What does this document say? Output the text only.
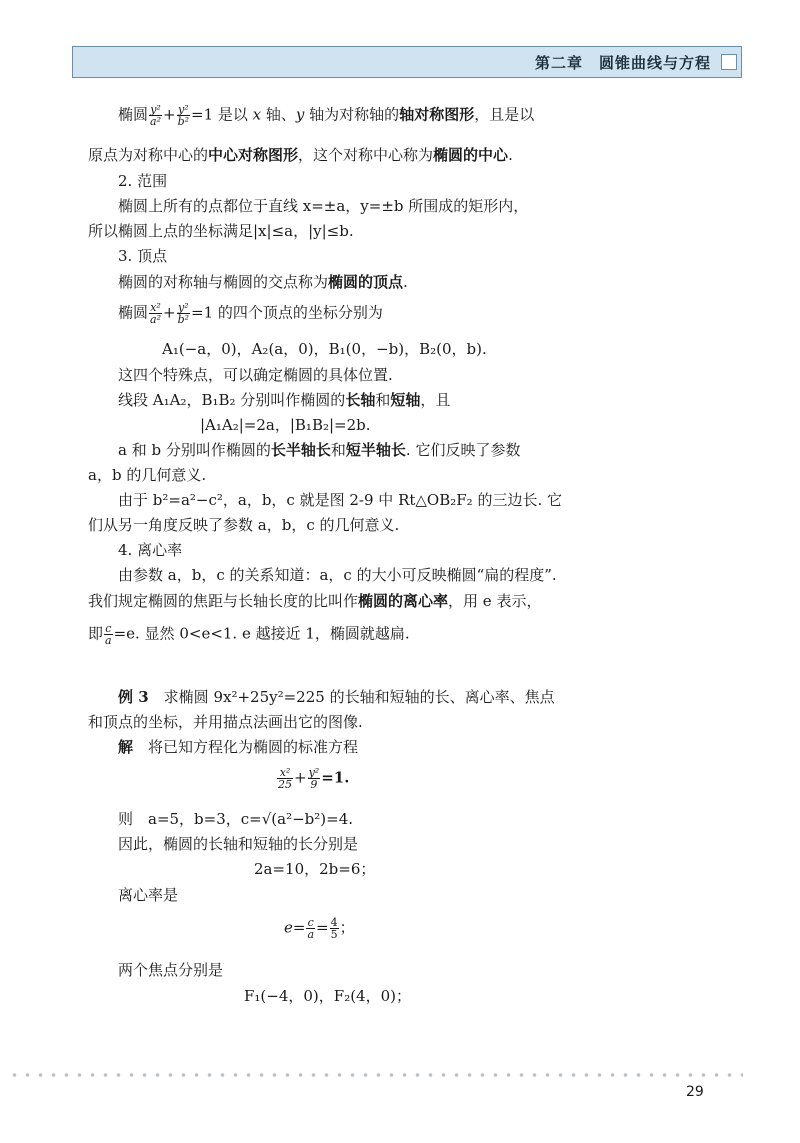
第二章　圆锥曲线与方程
椭圆 $\frac{\text{y²}}{\text{a²}} + \frac{\text{y²}}{\text{b²}} =1$ 是以 x 轴、y 轴为对称轴的轴对称图形，且是以
原点为对称中心的中心对称图形，这个对称中心称为椭圆的中心.
2. 范围
椭圆上所有的点都位于直线 x=±a，y=±b 所围成的矩形内，
所以椭圆上点的坐标满足|x|≤a，|y|≤b.
3. 顶点
椭圆的对称轴与椭圆的交点称为椭圆的顶点.
椭圆 $\frac{\text{x²}}{\text{a²}} + \frac{\text{y²}}{\text{b²}} =1$ 的四个顶点的坐标分别为
A₁(−a，0)，A₂(a，0)，B₁(0，−b)，B₂(0，b).
这四个特殊点，可以确定椭圆的具体位置.
线段 A₁A₂，B₁B₂ 分别叫作椭圆的长轴和短轴，且
|A₁A₂|=2a，|B₁B₂|=2b.
a 和 b 分别叫作椭圆的长半轴长和短半轴长. 它们反映了参数
a，b 的几何意义.
由于 b²=a²−c²，a，b，c 就是图 2-9 中 Rt△OB₂F₂ 的三边长. 它
们从另一角度反映了参数 a，b，c 的几何意义.
4. 离心率
由参数 a，b，c 的关系知道：a，c 的大小可反映椭圆“扁的程度”.
我们规定椭圆的焦距与长轴长度的比叫作椭圆的离心率，用 e 表示，
即 $\frac{c}{a} =e$. 显然 0<e<1. e 越接近 1，椭圆就越扁.
例 3　求椭圆 9x²+25y²=225 的长轴和短轴的长、离心率、焦点
和顶点的坐标，并用描点法画出它的图像.
解　将已知方程化为椭圆的标准方程
$\frac{\text{x²}}{25} + \frac{\text{y²}}{9} =1$.
则　a=5，b=3，c=√(a²−b²)=4.
因此，椭圆的长轴和短轴的长分别是
2a=10，2b=6；
离心率是
$e= \frac{c}{a} = \frac{4}{5}$ ；
两个焦点分别是
F₁(−4，0)，F₂(4，0)；
29
